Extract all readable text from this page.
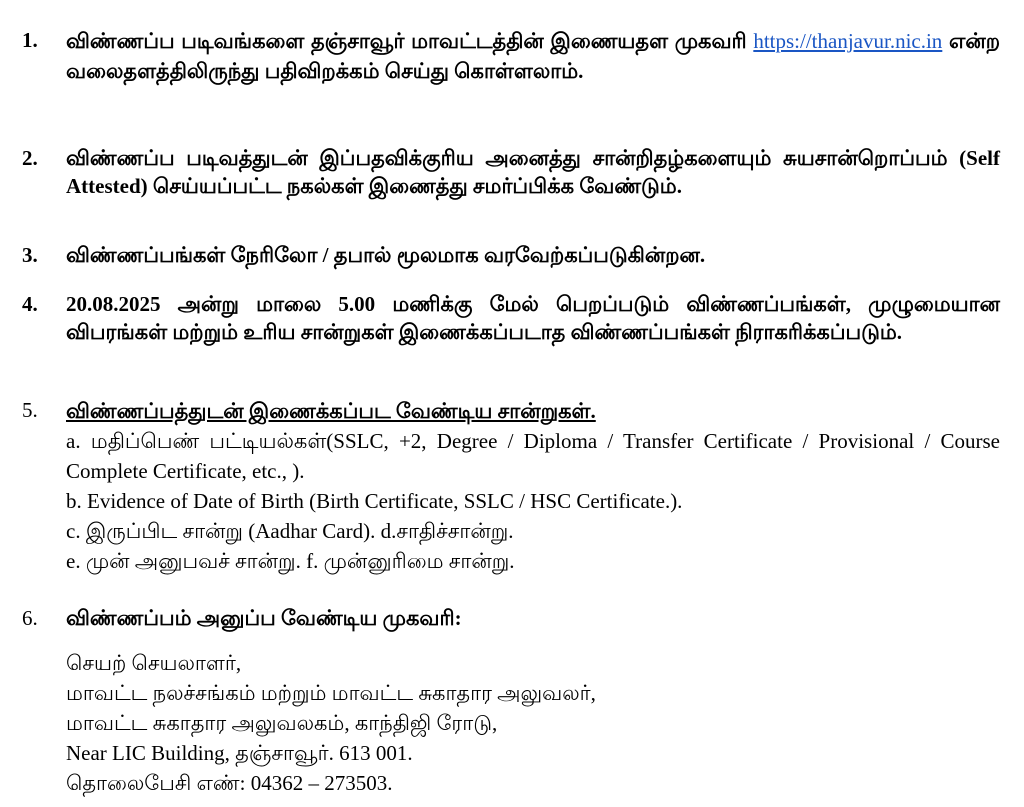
1. விண்ணப்ப படிவங்களை தஞ்சாவூர் மாவட்டத்தின் இணையதள முகவரி https://thanjavur.nic.in என்ற வலைதளத்திலிருந்து பதிவிறக்கம் செய்து கொள்ளலாம்.
2. விண்ணப்ப படிவத்துடன் இப்பதவிக்குரிய அனைத்து சான்றிதழ்களையும் சுயசான்றொப்பம் (Self Attested) செய்யப்பட்ட நகல்கள் இணைத்து சமர்ப்பிக்க வேண்டும்.
3. விண்ணப்பங்கள் நேரிலோ / தபால் மூலமாக வரவேற்கப்படுகின்றன.
4. 20.08.2025 அன்று மாலை 5.00 மணிக்கு மேல் பெறப்படும் விண்ணப்பங்கள், முழுமையான விபரங்கள் மற்றும் உரிய சான்றுகள் இணைக்கப்படாத விண்ணப்பங்கள் நிராகரிக்கப்படும்.
5. விண்ணப்பத்துடன் இணைக்கப்பட வேண்டிய சான்றுகள்.
a. மதிப்பெண் பட்டியல்கள்(SSLC, +2, Degree / Diploma / Transfer Certificate / Provisional / Course Complete Certificate, etc., ).
b. Evidence of Date of Birth (Birth Certificate, SSLC / HSC Certificate.).
c. இருப்பிட சான்று (Aadhar Card). d.சாதிச்சான்று.
e. முன் அனுபவச் சான்று. f. முன்னுரிமை சான்று.
6. விண்ணப்பம் அனுப்ப வேண்டிய முகவரி:
செயற் செயலாளர்,
மாவட்ட நலச்சங்கம் மற்றும் மாவட்ட சுகாதார அலுவலர்,
மாவட்ட சுகாதார அலுவலகம், காந்திஜி ரோடு,
Near LIC Building, தஞ்சாவூர். 613 001.
தொலைபேசி எண்: 04362 – 273503.
